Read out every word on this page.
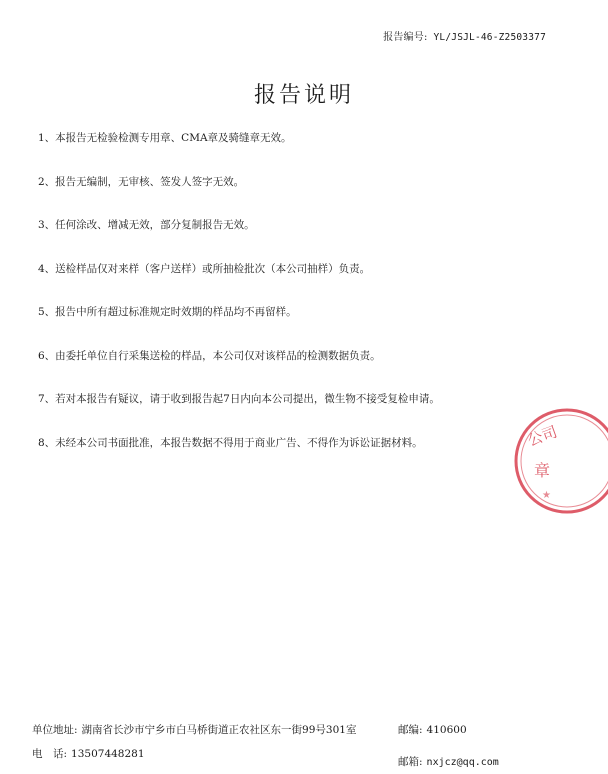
报告编号: YL/JSJL-46-Z2503377
报告说明
1、本报告无检验检测专用章、CMA章及骑缝章无效。
2、报告无编制，无审核、签发人签字无效。
3、任何涂改、增减无效，部分复制报告无效。
4、送检样品仅对来样（客户送样）或所抽检批次（本公司抽样）负责。
5、报告中所有超过标准规定时效期的样品均不再留样。
6、由委托单位自行采集送检的样品，本公司仅对该样品的检测数据负责。
7、若对本报告有疑议，请于收到报告起7日内向本公司提出，微生物不接受复检申请。
8、未经本公司书面批准，本报告数据不得用于商业广告、不得作为诉讼证据材料。	公司
章
★
单位地址: 湖南省长沙市宁乡市白马桥街道正农社区东一街99号301室	邮编: 410600
电　话: 13507448281
邮箱: nxjcz@qq.com
